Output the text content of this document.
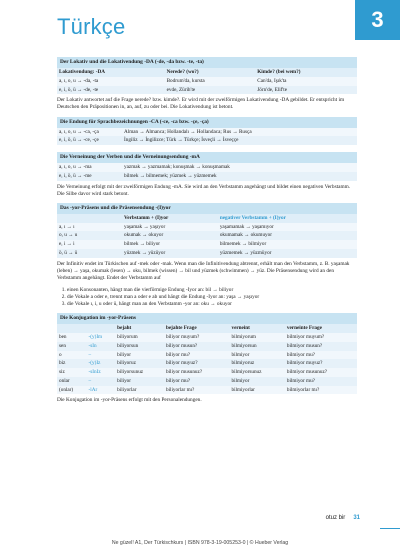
Türkçe	3
Der Lokativ und die Lokativendung -DA (-de, -da bzw. -te, -ta)		
Lokativendung: -DA	Nerede? (wo?)	Kimde? (bei wem?)
a, ı, o, u → -da, -ta	Bodrum'da, kursta	Can'da, Işık'ta
e, i, ö, ü → -de, -te	evde, Zürih'te	Jörn'de, Elif'te

Der Lokativ antwortet auf die Frage nerede? bzw. kimde?. Er wird mit der zweiförmigen Lokativendung -DA gebildet. Er entspricht im Deutschen den Präpositionen in, an, auf, zu oder bei. Die Lokativendung ist betont.

Die Endung für Sprachbezeichnungen -CA (-ce, -ca bzw. -çe, -ça)	
a, ı, o, u → -ca, -ça	Alman → Almanca; Hollandalı → Hollandaca; Rus → Rusça
e, i, ö, ü → -ce, -çe	İngiliz → İngilizce; Türk → Türkçe; İsveçli → İsveççe
Die Verneinung der Verben und die Verneinungsendung -mA	
a, ı, o, u → -ma	yazmak → yazmamak; konuşmak → konuşmamak
e, i, ö, ü → -me	bilmek → bilmemek; yüzmek → yüzmemek

Die Verneinung erfolgt mit der zweiförmigen Endung -mA. Sie wird an den Verbstamm angehängt und bildet einen negativen Verbstamm. Die Silbe davor wird stark betont.

Das -yor-Präsens und die Präsensendung -(I)yor		
	Verbstamm + (I)yor	negativer Verbstamm + (I)yor
a, ı → ı	yaşamak → yaşıyor	yaşamamak → yaşamıyor
o, u → u	okumak → okuyor	okumamak → okumuyor
e, i → i	bilmek → biliyor	bilmemek → bilmiyor
ö, ü → ü	yüzmek → yüzüyor	yüzmemek → yüzmüyor

Der Infinitiv endet im Türkischen auf -mek oder -mak. Wenn man die Infinitivendung abtrennt, erhält man den Verbstamm, z. B. yaşamak (leben) → yaşa, okumak (lesen) → oku, bilmek (wissen) → bil und yüzmek (schwimmen) → yüz. Die Präsensendung wird an den Verbstamm angehängt. Endet der Verbstamm auf

1. einen Konsonanten, hängt man die vierförmige Endung -Iyor an: bil → biliyor
2. die Vokale a oder e, trennt man a oder e ab und hängt die Endung -Iyor an: yaşa → yaşıyor
3. die Vokale ı, i, u oder ü, hängt man an den Verbstamm -yor an: oku → okuyor
Die Konjugation im -yor-Präsens					
		bejaht	bejahte Frage	verneint	verneinte Frage
ben	-(y)Im	biliyorum	biliyor muyum?	bilmiyorum	bilmiyor muyum?
sen	-sIn	biliyorsun	biliyor musun?	bilmiyorsun	bilmiyor musun?
o	–	biliyor	biliyor mu?	bilmiyor	bilmiyor mu?
biz	-(y)Iz	biliyoruz	biliyor muyuz?	bilmiyoruz	bilmiyor muyuz?
siz	-sInIz	biliyorsunuz	biliyor musunuz?	bilmiyorsunuz	bilmiyor musunuz?
onlar	–	biliyor	biliyor mu?	bilmiyor	bilmiyor mu?
(onlar)	-lAr	biliyorlar	biliyorlar mı?	bilmiyorlar	bilmiyorlar mı?

Die Konjugation im -yor-Präsens erfolgt mit den Personalendungen.

otuz bir 31
Ne güzel! A1, Der Türkischkurs | ISBN 978-3-19-005253-0 | © Hueber Verlag
